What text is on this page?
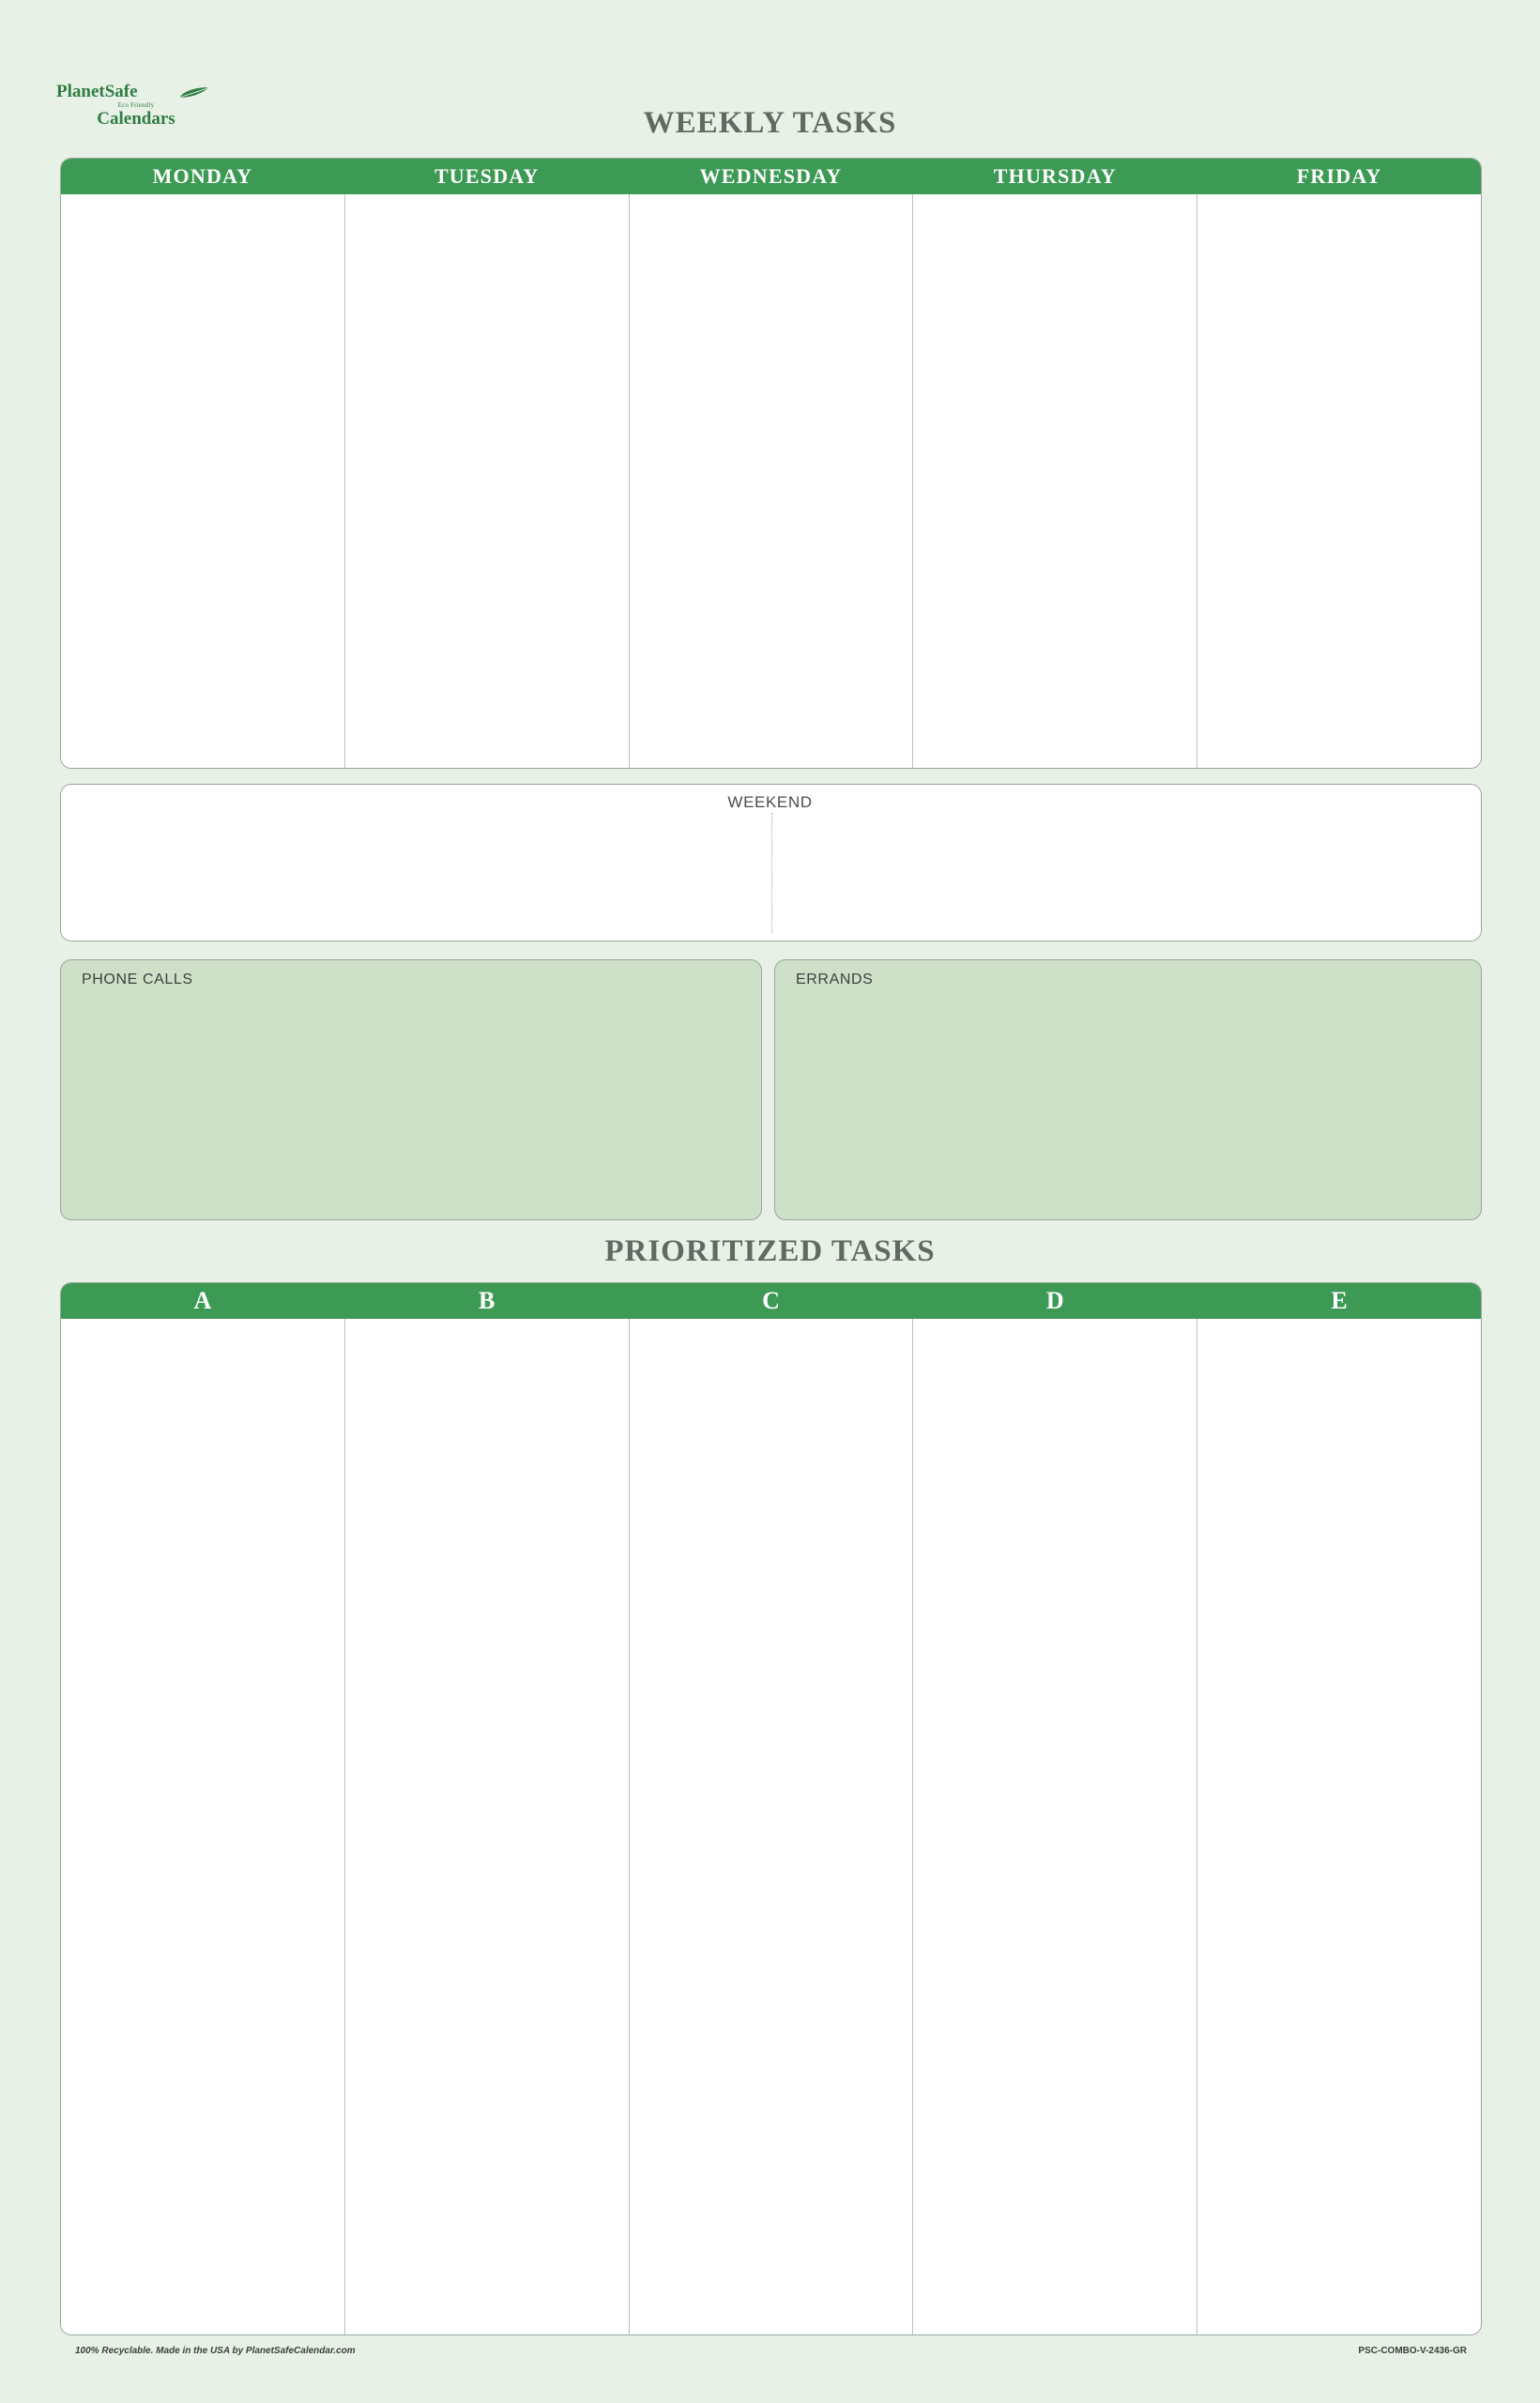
PlanetSafe
Eco Friendly
Calendars	WEEKLY TASKS
MONDAY	TUESDAY	WEDNESDAY	THURSDAY	FRIDAY
WEEKEND
PHONE CALLS	ERRANDS
PRIORITIZED TASKS
A	B	C	D	E
100% Recyclable. Made in the USA by PlanetSafeCalendar.com	PSC-COMBO-V-2436-GR
